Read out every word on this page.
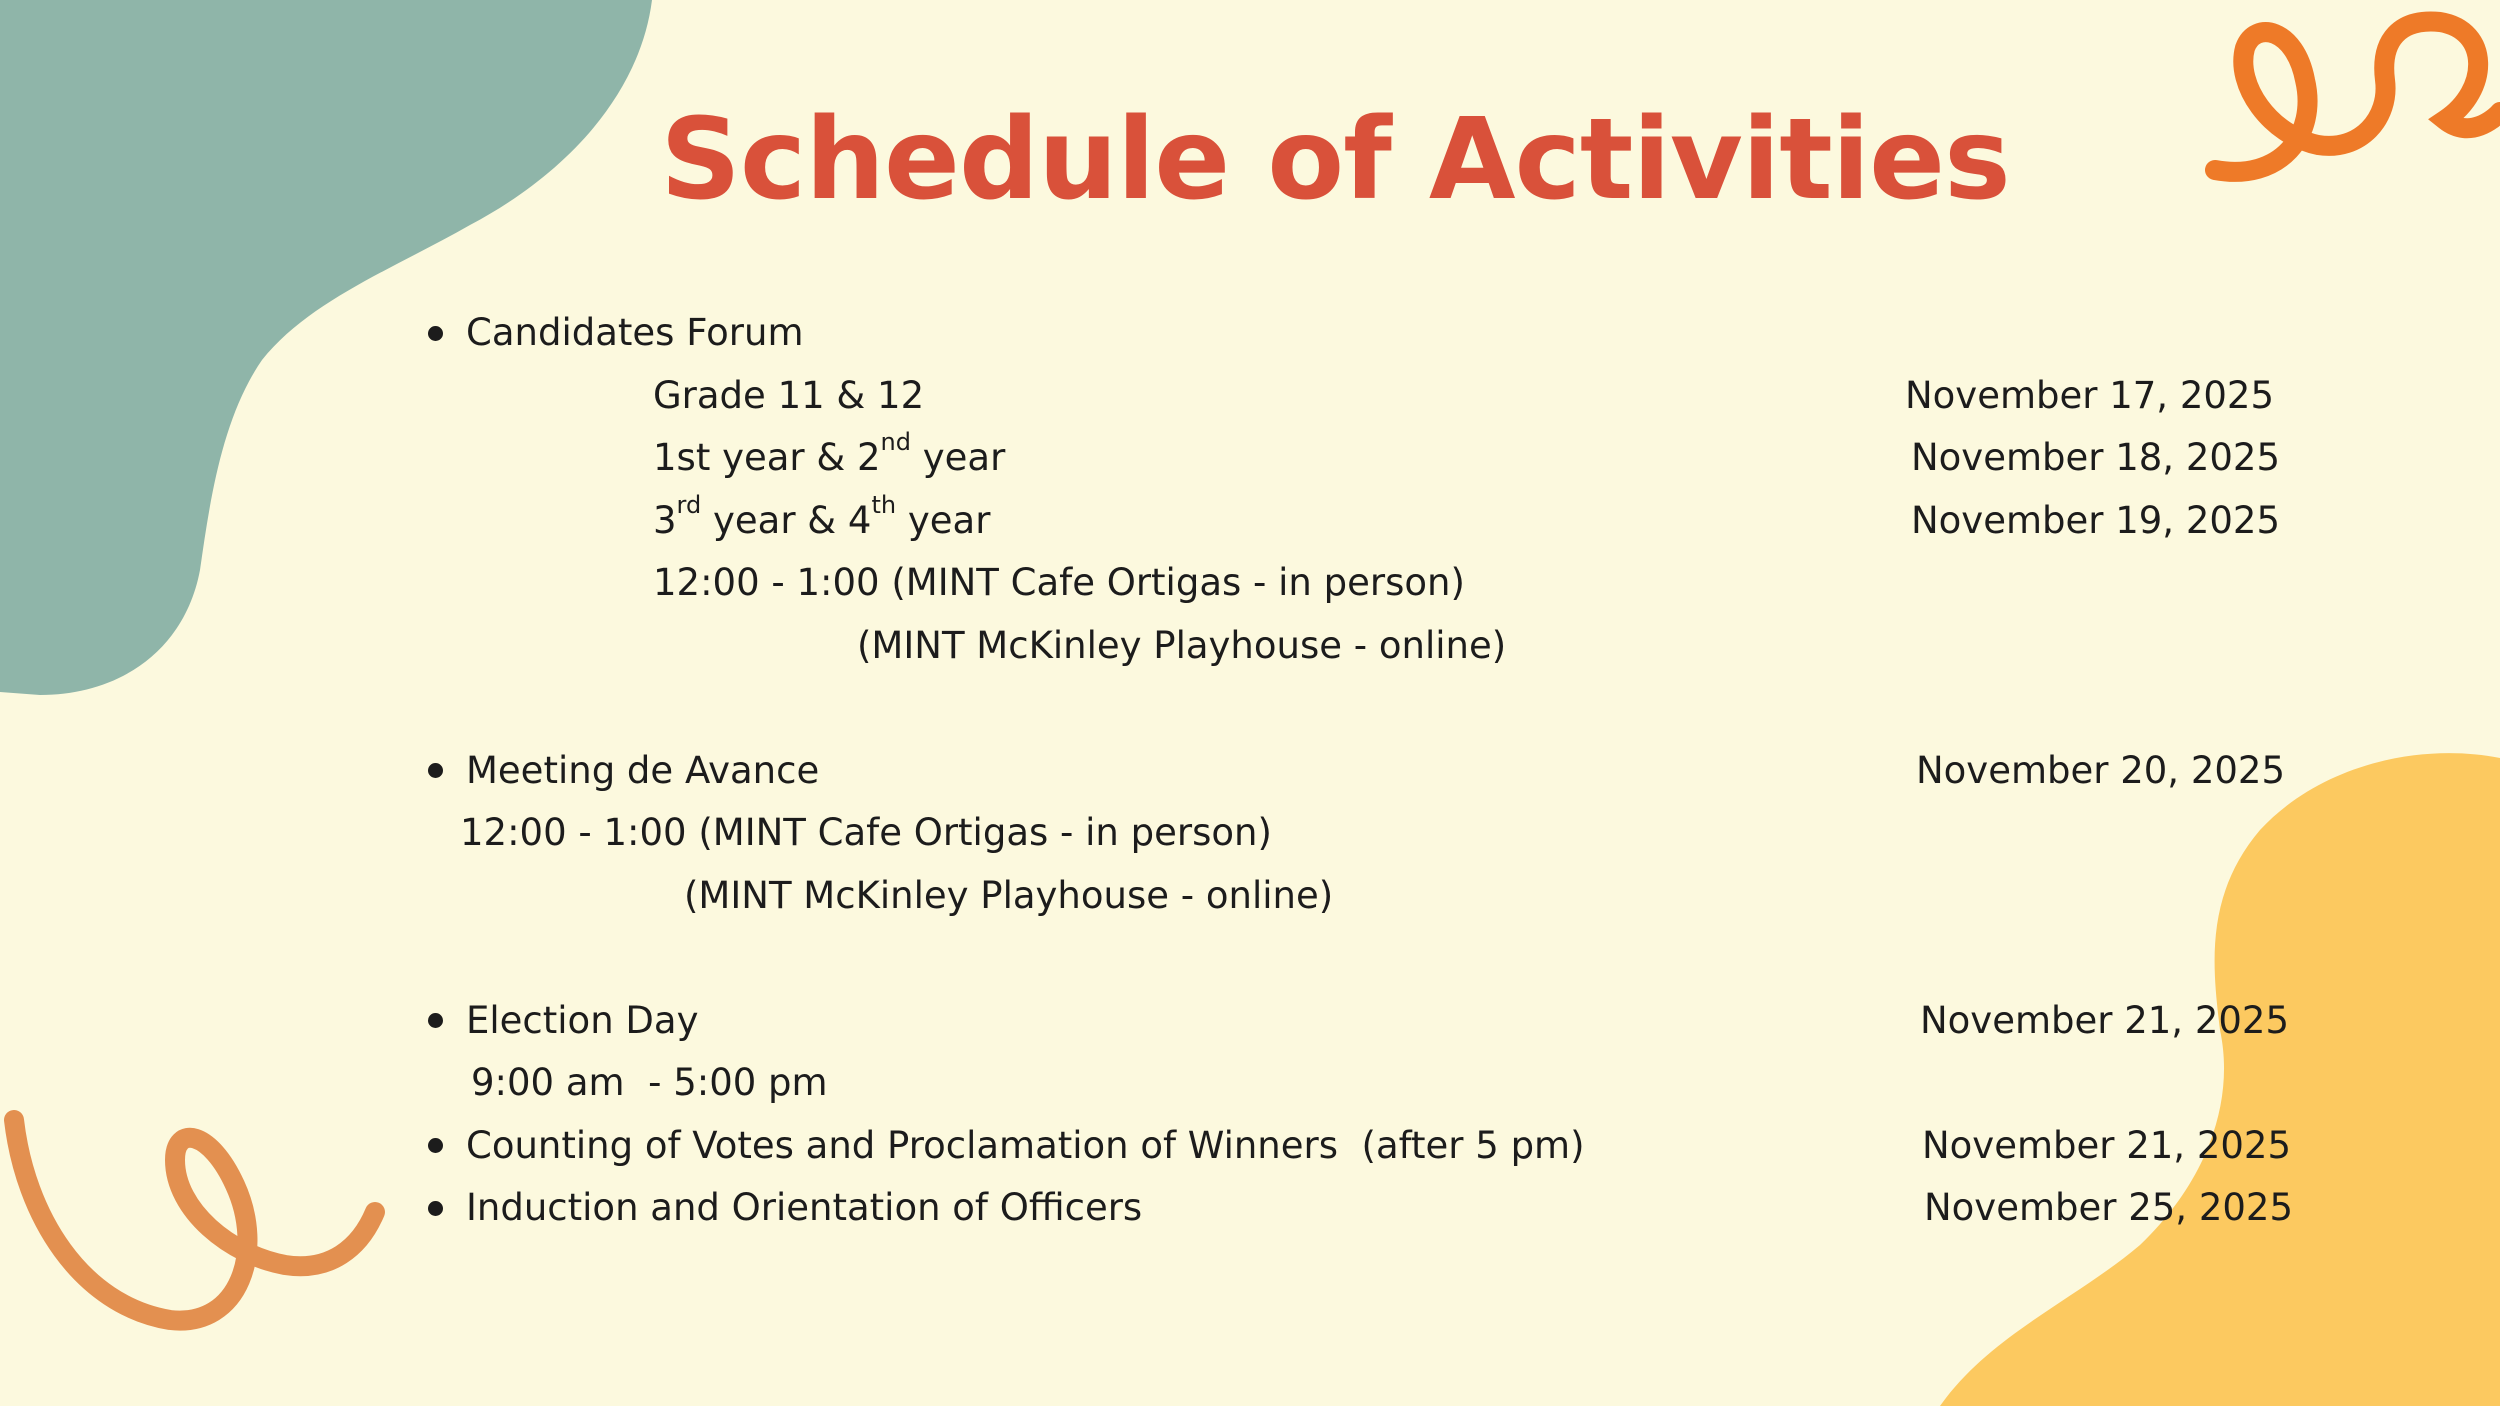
Schedule of Activities
Candidates Forum
Grade 11 & 12	November 17, 2025
1st year & 2nd year	November 18, 2025
3rd year & 4th year	November 19, 2025
12:00 - 1:00 (MINT Cafe Ortigas - in person)
(MINT McKinley Playhouse - online)
Meeting de Avance	November 20, 2025
12:00 - 1:00 (MINT Cafe Ortigas - in person)
(MINT McKinley Playhouse - online)
Election Day	November 21, 2025
9:00 am  - 5:00 pm
Counting of Votes and Proclamation of Winners  (after 5 pm)	November 21, 2025
Induction and Orientation of Officers	November 25, 2025
